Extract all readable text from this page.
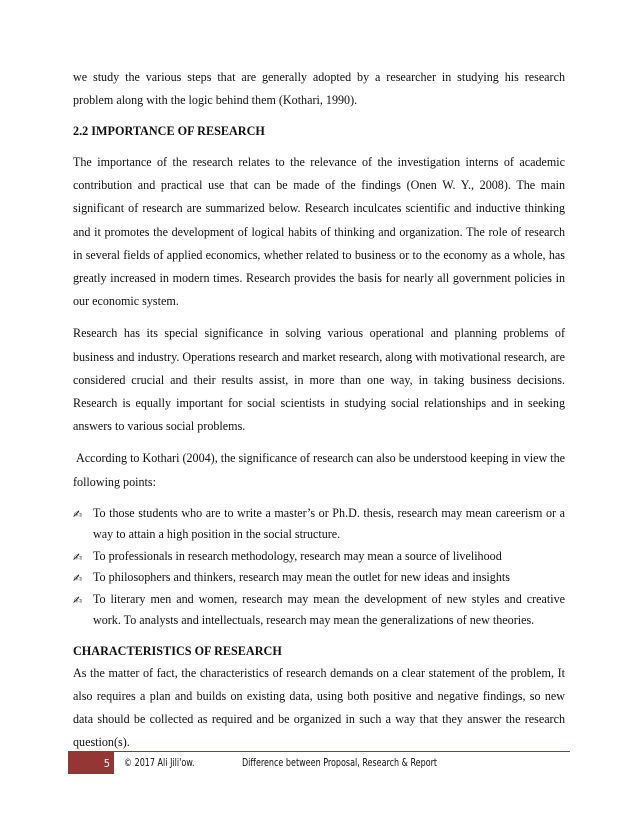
we study the various steps that are generally adopted by a researcher in studying his research problem along with the logic behind them (Kothari, 1990).

2.2 IMPORTANCE OF RESEARCH

The importance of the research relates to the relevance of the investigation interns of academic contribution and practical use that can be made of the findings (Onen W. Y., 2008). The main significant of research are summarized below. Research inculcates scientific and inductive thinking and it promotes the development of logical habits of thinking and organization. The role of research in several fields of applied economics, whether related to business or to the economy as a whole, has greatly increased in modern times. Research provides the basis for nearly all government policies in our economic system.

Research has its special significance in solving various operational and planning problems of business and industry. Operations research and market research, along with motivational research, are considered crucial and their results assist, in more than one way, in taking business decisions. Research is equally important for social scientists in studying social relationships and in seeking answers to various social problems.

According to Kothari (2004), the significance of research can also be understood keeping in view the following points:

✍ To those students who are to write a master’s or Ph.D. thesis, research may mean careerism or a way to attain a high position in the social structure.
✍ To professionals in research methodology, research may mean a source of livelihood
✍ To philosophers and thinkers, research may mean the outlet for new ideas and insights
✍ To literary men and women, research may mean the development of new styles and creative work. To analysts and intellectuals, research may mean the generalizations of new theories.
CHARACTERISTICS OF RESEARCH

As the matter of fact, the characteristics of research demands on a clear statement of the problem, It also requires a plan and builds on existing data, using both positive and negative findings, so new data should be collected as required and be organized in such a way that they answer the research question(s).

5	© 2017 Ali Jili'ow.	Difference between Proposal, Research & Report
